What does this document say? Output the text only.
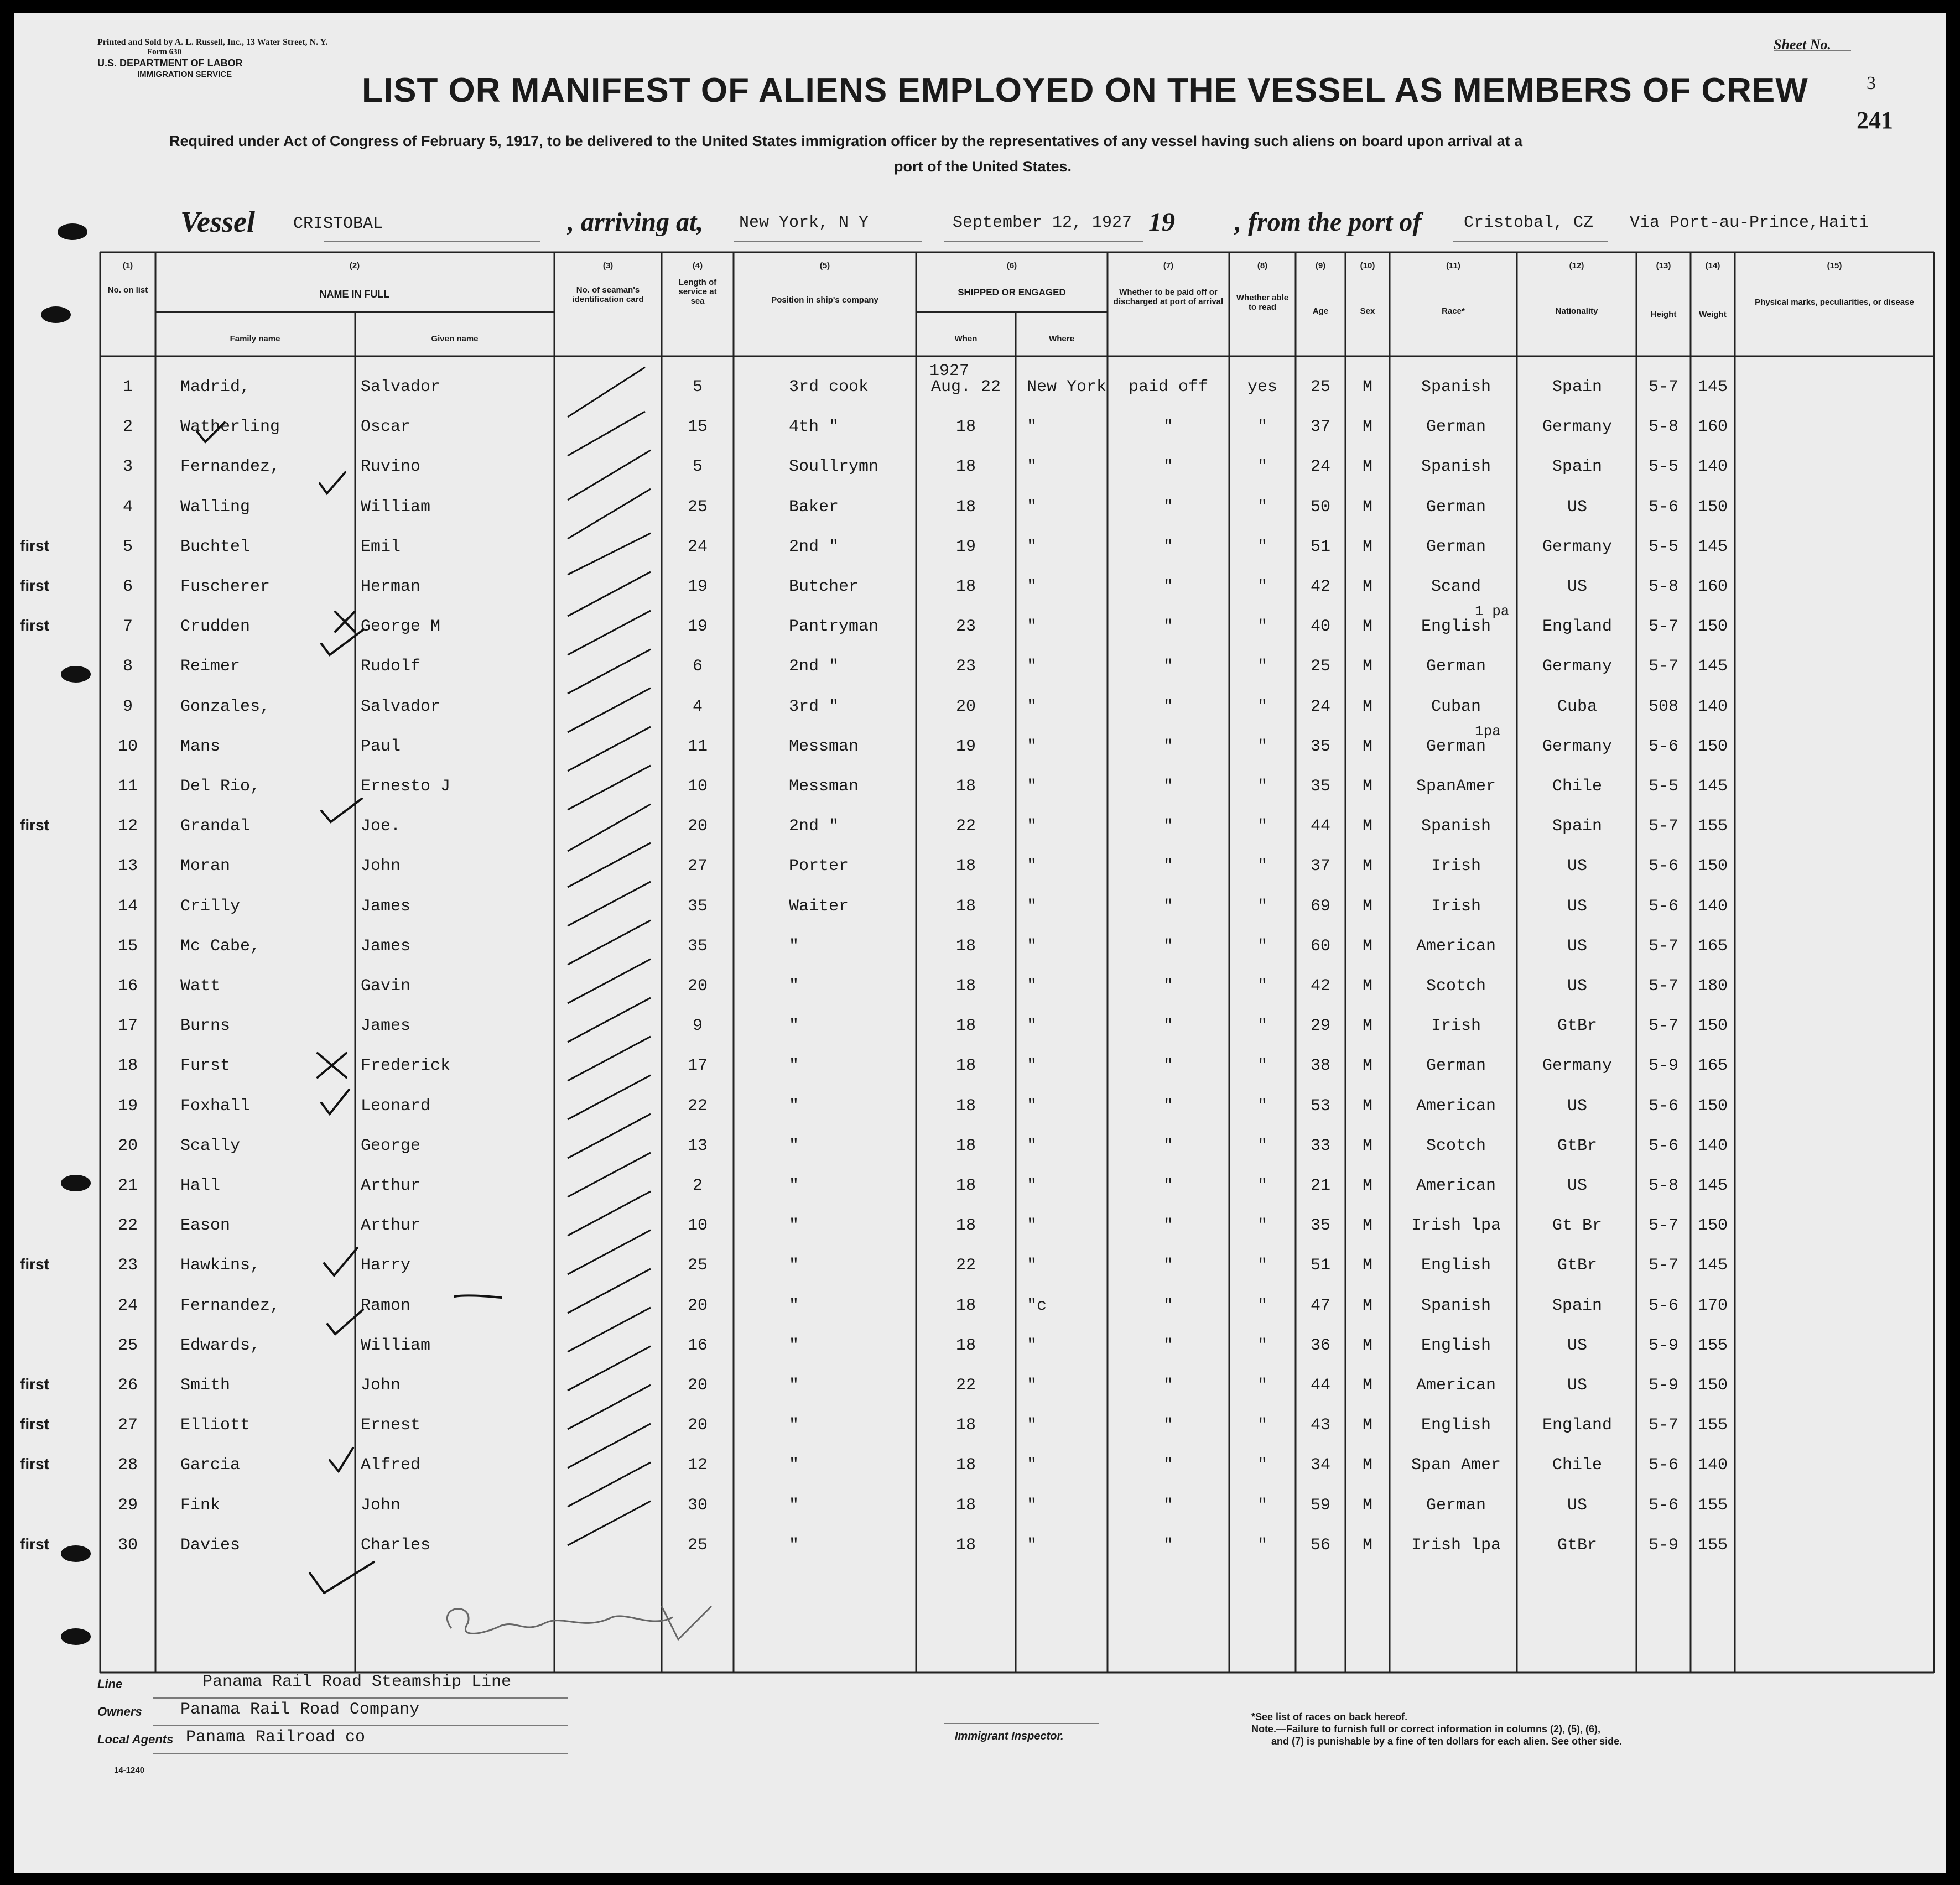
Printed and Sold by A. L. Russell, Inc., 13 Water Street, N. Y.
Form 630
U.S. DEPARTMENT OF LABOR
IMMIGRATION SERVICE	LIST OR MANIFEST OF ALIENS EMPLOYED ON THE VESSEL AS MEMBERS OF CREW
Required under Act of Congress of February 5, 1917, to be delivered to the United States immigration officer by the representatives of any vessel having such aliens on board upon arrival at a
port of the United States.
Sheet No.
3
241
Vessel CRISTOBAL	, arriving at, New York, N Y	September 12, 1927 19 , from the port of	Cristobal, CZ Via Port-au-Prince,Haiti
(1)
No. on list
(2)
NAME IN FULL
Family name	Given name
(3)
No. of seaman's identification card
(4)
Length of service at sea
(5)
Position in ship's company
(6)
SHIPPED OR ENGAGED
When	Where
(7)
Whether to be paid off or discharged at port of arrival
(8)
Whether able to read
(9)
Age
(10)
Sex
(11)
Race*
(12)
Nationality
(13)
Height
(14)
Weight
(15)
Physical marks, peculiarities, or disease
1927
1	Madrid,	Salvador	5	3rd cook	Aug. 22	New York	paid off	yes	25	M	Spanish	Spain	5-7	145
2	Watherling	Oscar	15	4th "	18	"	"	"	37	M	German	Germany	5-8	160
3	Fernandez,	Ruvino	5	Soullrymn	18	"	"	"	24	M	Spanish	Spain	5-5	140
4	Walling	William	25	Baker	18	"	"	"	50	M	German	US	5-6	150
5	Buchtel	Emil	24	2nd "	19	"	"	"	51	M	German	Germany	5-5	145
first
6	Fuscherer	Herman	19	Butcher	18	"	"	"	42	M	Scand	US	5-8	160
first
7	Crudden	George M	19	Pantryman	23	"	"	"	40	M	English	England	5-7	150
1 pa
first
8	Reimer	Rudolf	6	2nd "	23	"	"	"	25	M	German	Germany	5-7	145
9	Gonzales,	Salvador	4	3rd "	20	"	"	"	24	M	Cuban	Cuba	508	140
10	Mans	Paul	11	Messman	19	"	"	"	35	M	German	Germany	5-6	150
1pa
11	Del Rio,	Ernesto J	10	Messman	18	"	"	"	35	M	SpanAmer	Chile	5-5	145
12	Grandal	Joe.	20	2nd "	22	"	"	"	44	M	Spanish	Spain	5-7	155
first
13	Moran	John	27	Porter	18	"	"	"	37	M	Irish	US	5-6	150
14	Crilly	James	35	Waiter	18	"	"	"	69	M	Irish	US	5-6	140
15	Mc Cabe,	James	35	"	18	"	"	"	60	M	American	US	5-7	165
16	Watt	Gavin	20	"	18	"	"	"	42	M	Scotch	US	5-7	180
17	Burns	James	9	"	18	"	"	"	29	M	Irish	GtBr	5-7	150
18	Furst	Frederick	17	"	18	"	"	"	38	M	German	Germany	5-9	165
19	Foxhall	Leonard	22	"	18	"	"	"	53	M	American	US	5-6	150
20	Scally	George	13	"	18	"	"	"	33	M	Scotch	GtBr	5-6	140
21	Hall	Arthur	2	"	18	"	"	"	21	M	American	US	5-8	145
22	Eason	Arthur	10	"	18	"	"	"	35	M	Irish lpa	Gt Br	5-7	150
23	Hawkins,	Harry	25	"	22	"	"	"	51	M	English	GtBr	5-7	145
first
24	Fernandez,	Ramon	20	"	18	"c	"	"	47	M	Spanish	Spain	5-6	170
25	Edwards,	William	16	"	18	"	"	"	36	M	English	US	5-9	155
26	Smith	John	20	"	22	"	"	"	44	M	American	US	5-9	150
first
27	Elliott	Ernest	20	"	18	"	"	"	43	M	English	England	5-7	155
first
28	Garcia	Alfred	12	"	18	"	"	"	34	M	Span Amer	Chile	5-6	140
first
29	Fink	John	30	"	18	"	"	"	59	M	German	US	5-6	155
30	Davies	Charles	25	"	18	"	"	"	56	M	Irish lpa	GtBr	5-9	155
first
Line	Panama Rail Road Steamship Line
Owners Panama Rail Road Company
Local Agents Panama Railroad co
14-1240
Immigrant Inspector.
*See list of races on back hereof.
Note.—Failure to furnish full or correct information in columns (2), (5), (6),
and (7) is punishable by a fine of ten dollars for each alien. See other side.
